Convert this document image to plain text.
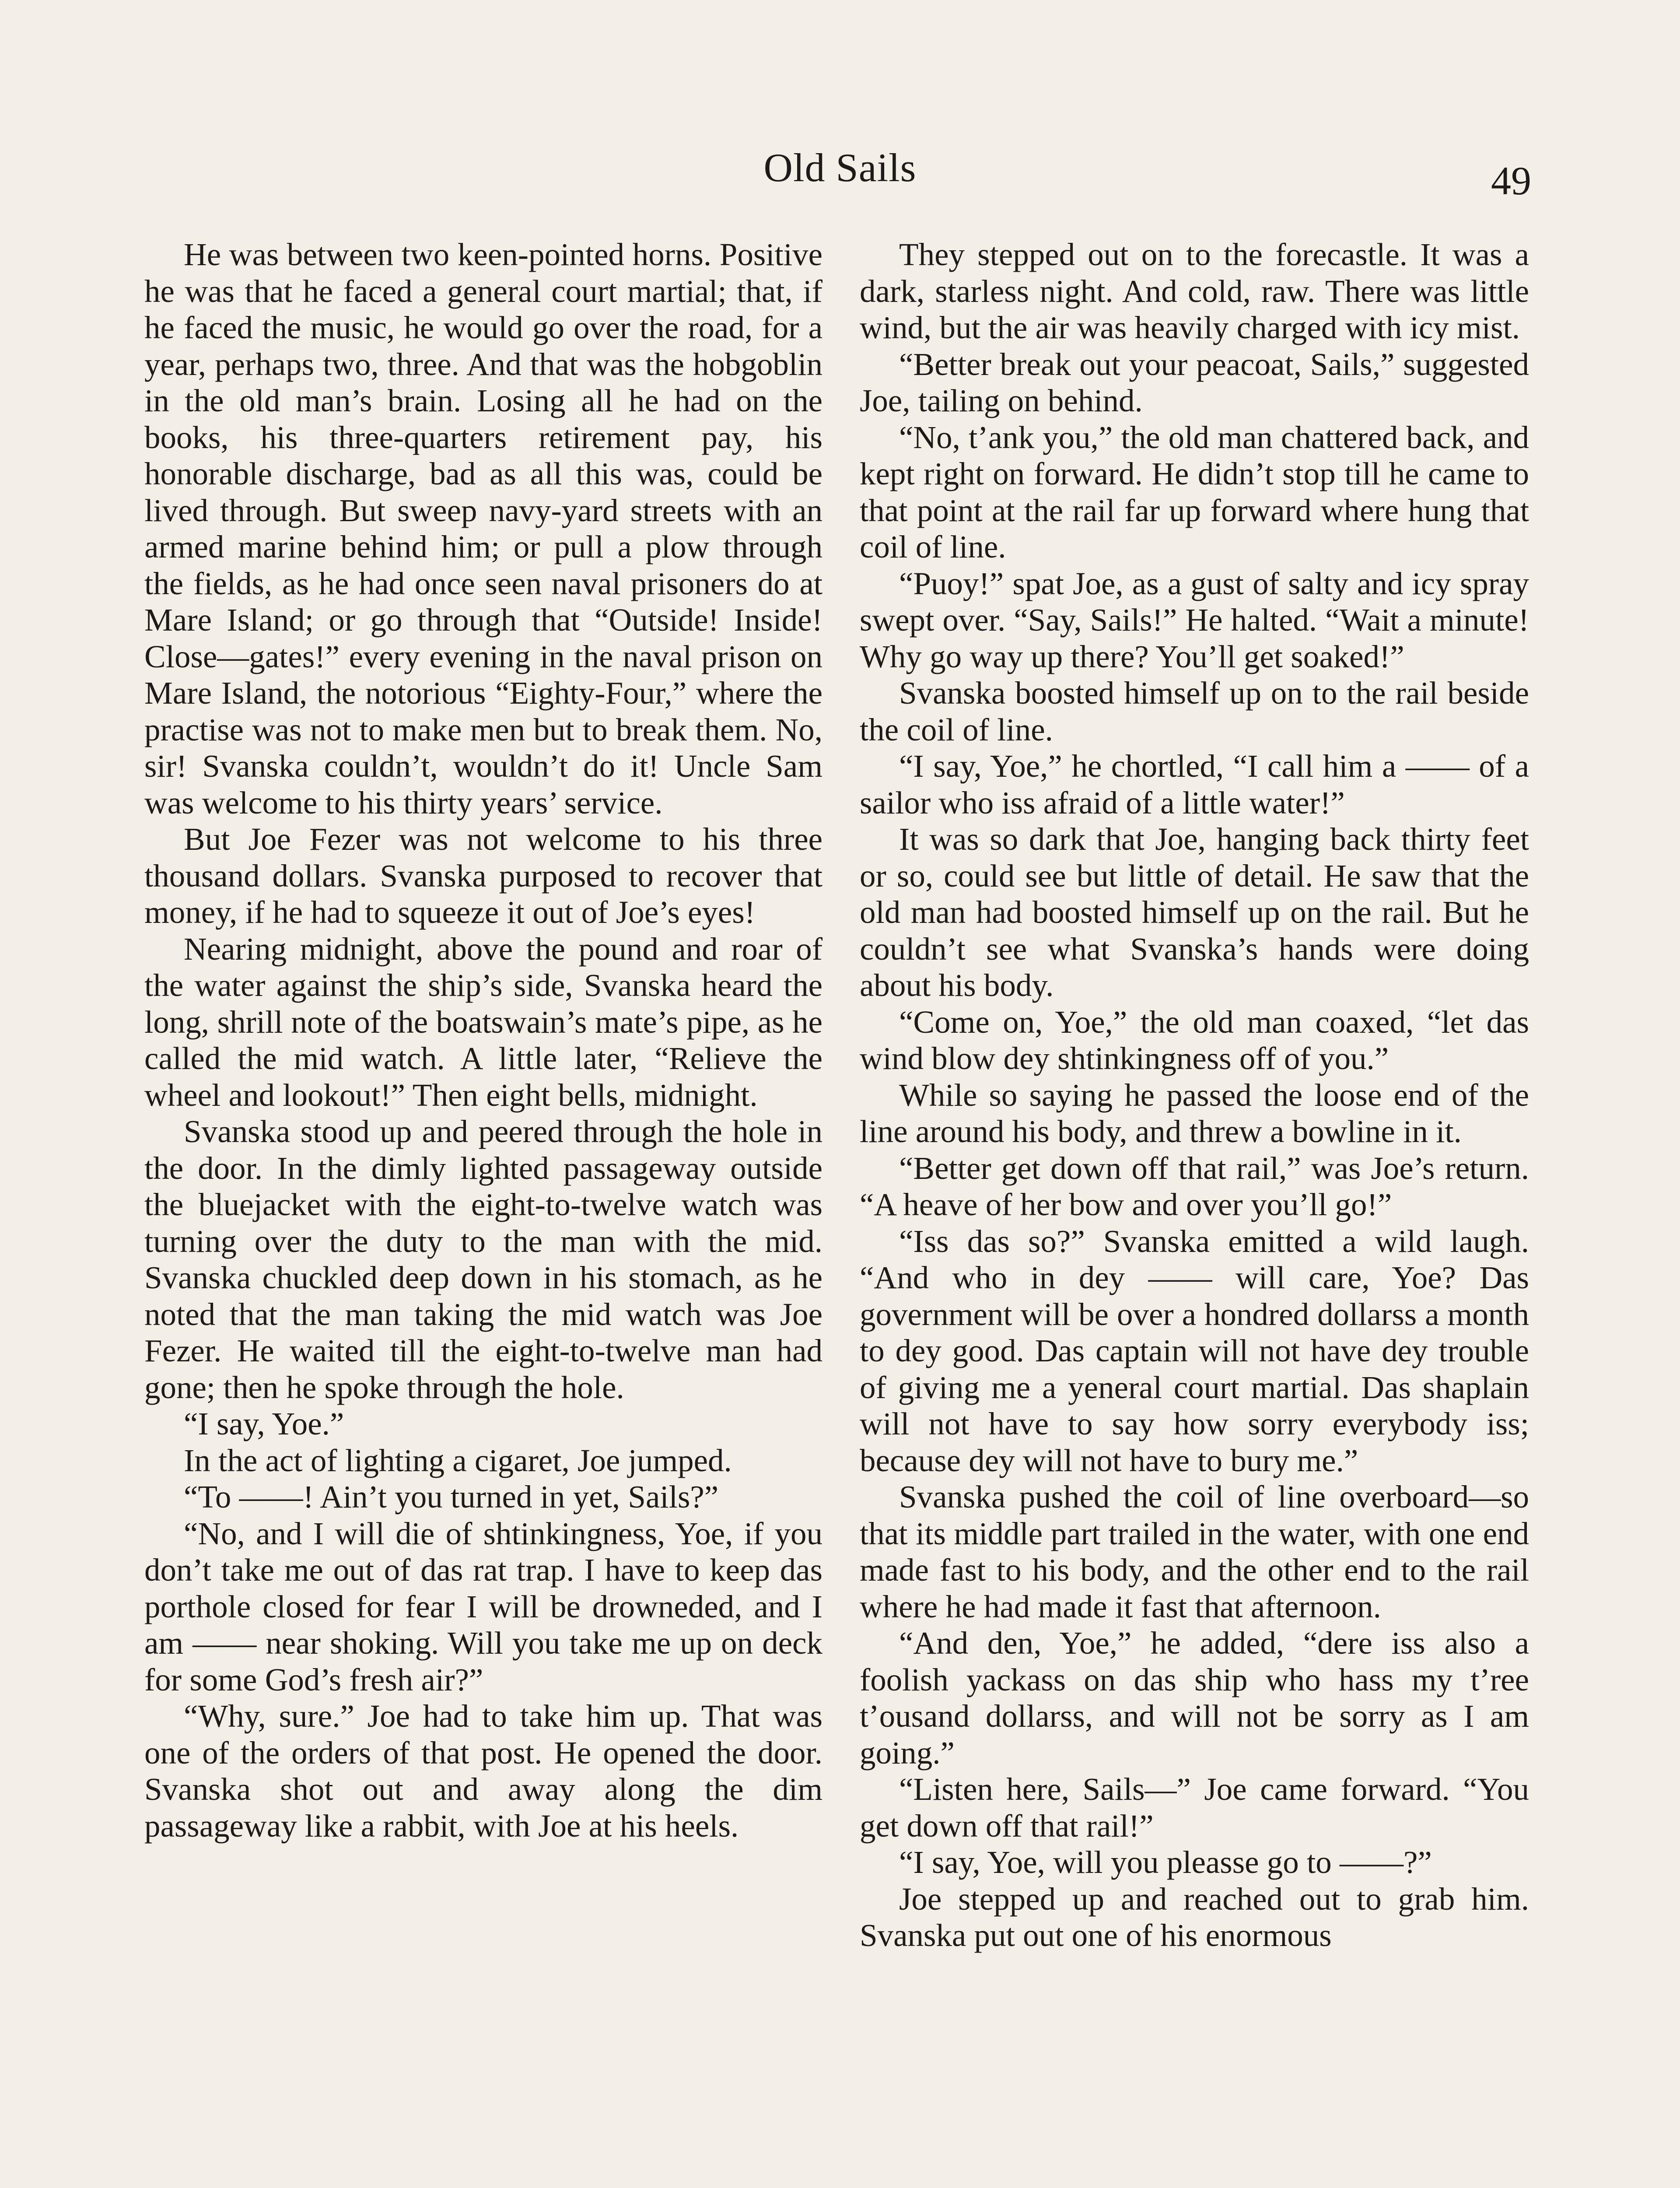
Old Sails	49

He was between two keen-pointed horns. Positive he was that he faced a general court martial; that, if he faced the music, he would go over the road, for a year, perhaps two, three. And that was the hobgoblin in the old man’s brain. Losing all he had on the books, his three-quarters retirement pay, his honorable discharge, bad as all this was, could be lived through. But sweep navy-yard streets with an armed marine behind him; or pull a plow through the fields, as he had once seen naval prisoners do at Mare Island; or go through that “Outside! Inside! Close—gates!” every evening in the naval prison on Mare Island, the notorious “Eighty-Four,” where the practise was not to make men but to break them. No, sir! Svanska couldn’t, wouldn’t do it! Uncle Sam was welcome to his thirty years’ service.

But Joe Fezer was not welcome to his three thousand dollars. Svanska purposed to recover that money, if he had to squeeze it out of Joe’s eyes!

Nearing midnight, above the pound and roar of the water against the ship’s side, Svanska heard the long, shrill note of the boatswain’s mate’s pipe, as he called the mid watch. A little later, “Relieve the wheel and lookout!” Then eight bells, midnight.

Svanska stood up and peered through the hole in the door. In the dimly lighted passageway outside the bluejacket with the eight-to-twelve watch was turning over the duty to the man with the mid. Svanska chuckled deep down in his stomach, as he noted that the man taking the mid watch was Joe Fezer. He waited till the eight-to-twelve man had gone; then he spoke through the hole.

“I say, Yoe.”

In the act of lighting a cigaret, Joe jumped.

“To ——! Ain’t you turned in yet, Sails?”

“No, and I will die of shtinkingness, Yoe, if you don’t take me out of das rat trap. I have to keep das porthole closed for fear I will be drowneded, and I am —— near shoking. Will you take me up on deck for some God’s fresh air?”

“Why, sure.” Joe had to take him up. That was one of the orders of that post. He opened the door. Svanska shot out and away along the dim passageway like a rabbit, with Joe at his heels.

They stepped out on to the forecastle. It was a dark, starless night. And cold, raw. There was little wind, but the air was heavily charged with icy mist.

“Better break out your peacoat, Sails,” suggested Joe, tailing on behind.

“No, t’ank you,” the old man chattered back, and kept right on forward. He didn’t stop till he came to that point at the rail far up forward where hung that coil of line.

“Puoy!” spat Joe, as a gust of salty and icy spray swept over. “Say, Sails!” He halted. “Wait a minute! Why go way up there? You’ll get soaked!”

Svanska boosted himself up on to the rail beside the coil of line.

“I say, Yoe,” he chortled, “I call him a —— of a sailor who iss afraid of a little water!”

It was so dark that Joe, hanging back thirty feet or so, could see but little of detail. He saw that the old man had boosted himself up on the rail. But he couldn’t see what Svanska’s hands were doing about his body.

“Come on, Yoe,” the old man coaxed, “let das wind blow dey shtinkingness off of you.”

While so saying he passed the loose end of the line around his body, and threw a bowline in it.

“Better get down off that rail,” was Joe’s return. “A heave of her bow and over you’ll go!”

“Iss das so?” Svanska emitted a wild laugh. “And who in dey —— will care, Yoe? Das government will be over a hondred dollarss a month to dey good. Das captain will not have dey trouble of giving me a yeneral court martial. Das shaplain will not have to say how sorry everybody iss; because dey will not have to bury me.”

Svanska pushed the coil of line overboard—so that its middle part trailed in the water, with one end made fast to his body, and the other end to the rail where he had made it fast that afternoon.

“And den, Yoe,” he added, “dere iss also a foolish yackass on das ship who hass my t’ree t’ousand dollarss, and will not be sorry as I am going.”

“Listen here, Sails—” Joe came forward. “You get down off that rail!”

“I say, Yoe, will you pleasse go to ——?”

Joe stepped up and reached out to grab him. Svanska put out one of his enormous
